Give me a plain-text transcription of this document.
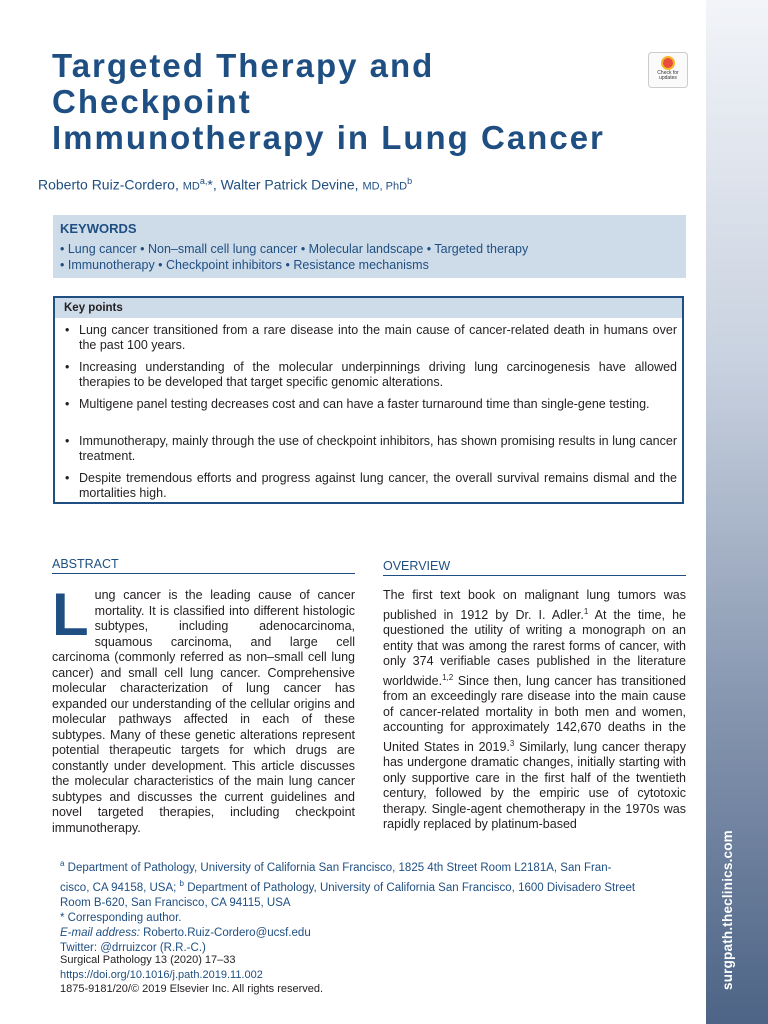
surgpath.theclinics.com
Targeted Therapy and
Checkpoint
Immunotherapy in Lung Cancer
Check for updates
Roberto Ruiz-Cordero, $MD^{a,}*$, Walter Patrick Devine, MD, PhD$^b$
KEYWORDS
• Lung cancer • Non–small cell lung cancer • Molecular landscape • Targeted therapy
• Immunotherapy • Checkpoint inhibitors • Resistance mechanisms
Key points
• Lung cancer transitioned from a rare disease into the main cause of cancer-related death in humans over the past 100 years.
• Increasing understanding of the molecular underpinnings driving lung carcinogenesis have allowed therapies to be developed that target specific genomic alterations.
• Multigene panel testing decreases cost and can have a faster turnaround time than single-gene testing.
• Immunotherapy, mainly through the use of checkpoint inhibitors, has shown promising results in lung cancer treatment.
• Despite tremendous efforts and progress against lung cancer, the overall survival remains dismal and the mortalities high.
ABSTRACT
Lung cancer is the leading cause of cancer mortality. It is classified into different histologic subtypes, including adenocarcinoma, squamous carcinoma, and large cell carcinoma (commonly referred as non–small cell lung cancer) and small cell lung cancer. Comprehensive molecular characterization of lung cancer has expanded our understanding of the cellular origins and molecular pathways affected in each of these subtypes. Many of these genetic alterations represent potential therapeutic targets for which drugs are constantly under development. This article discusses the molecular characteristics of the main lung cancer subtypes and discusses the current guidelines and novel targeted therapies, including checkpoint immunotherapy.
OVERVIEW
The first text book on malignant lung tumors was published in 1912 by Dr. I. Adler.$^1$ At the time, he questioned the utility of writing a monograph on an entity that was among the rarest forms of cancer, with only 374 verifiable cases published in the literature worldwide.$^{1,2}$ Since then, lung cancer has transitioned from an exceedingly rare disease into the main cause of cancer-related mortality in both men and women, accounting for approximately 142,670 deaths in the United States in 2019.$^3$ Similarly, lung cancer therapy has undergone dramatic changes, initially starting with only supportive care in the first half of the twentieth century, followed by the empiric use of cytotoxic therapy. Single-agent chemotherapy in the 1970s was rapidly replaced by platinum-based
$^a$ Department of Pathology, University of California San Francisco, 1825 4th Street Room L2181A, San Fran-
cisco, CA 94158, USA; $^b$ Department of Pathology, University of California San Francisco, 1600 Divisadero Street
Room B-620, San Francisco, CA 94115, USA
* Corresponding author.
E-mail address: Roberto.Ruiz-Cordero@ucsf.edu
Twitter: @drruizcor (R.R.-C.)
Surgical Pathology 13 (2020) 17–33
https://doi.org/10.1016/j.path.2019.11.002
1875-9181/20/© 2019 Elsevier Inc. All rights reserved.
